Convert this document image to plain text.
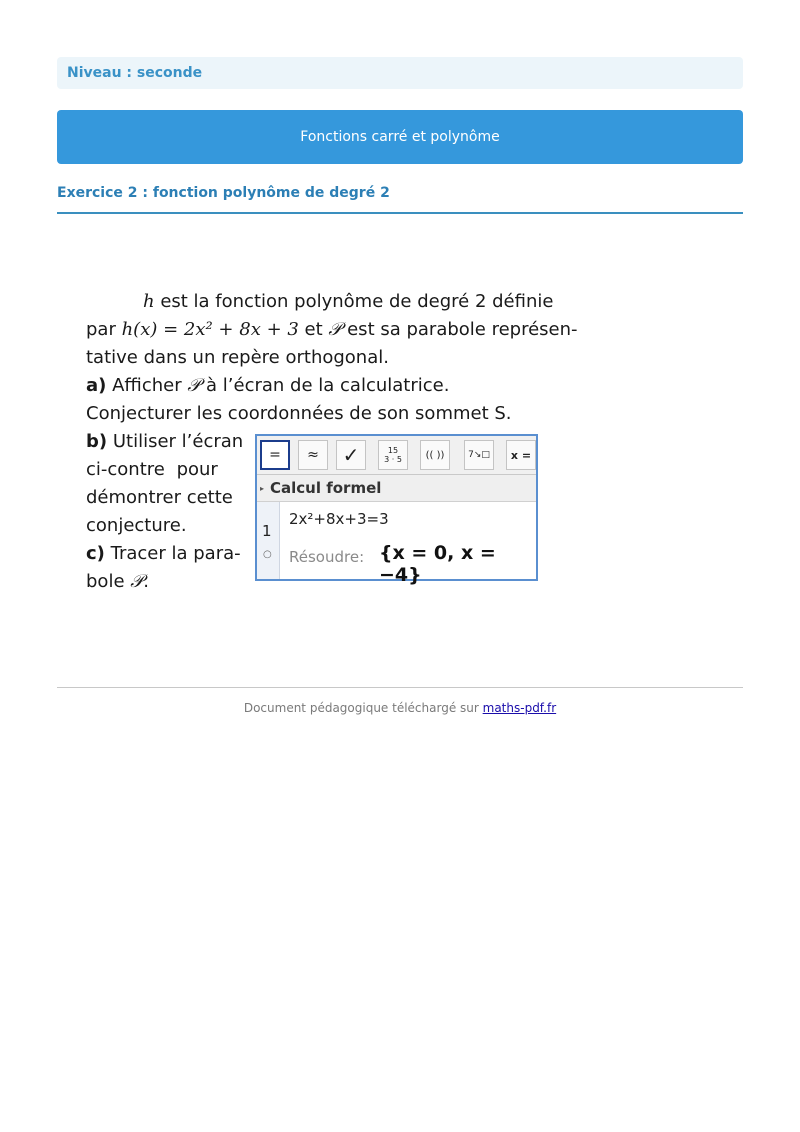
Niveau : seconde
Fonctions carré et polynôme
Exercice 2 : fonction polynôme de degré 2
h est la fonction polynôme de degré 2 définie
par h(x) = 2x² + 8x + 3 et 𝒫 est sa parabole représen-
tative dans un repère orthogonal.
a) Afficher 𝒫 à l’écran de la calculatrice.
Conjecturer les coordonnées de son sommet S.
b) Utiliser l’écran
ci-contre pour
démontrer cette
conjecture.
c) Tracer la para-
bole 𝒫.
= ≈ ✓	15
3 · 5 (( ))	7↘□ x =
▸ Calcul formel
1
○
2x²+8x+3=3
Résoudre: {x = 0, x = −4}
Document pédagogique téléchargé sur maths-pdf.fr
